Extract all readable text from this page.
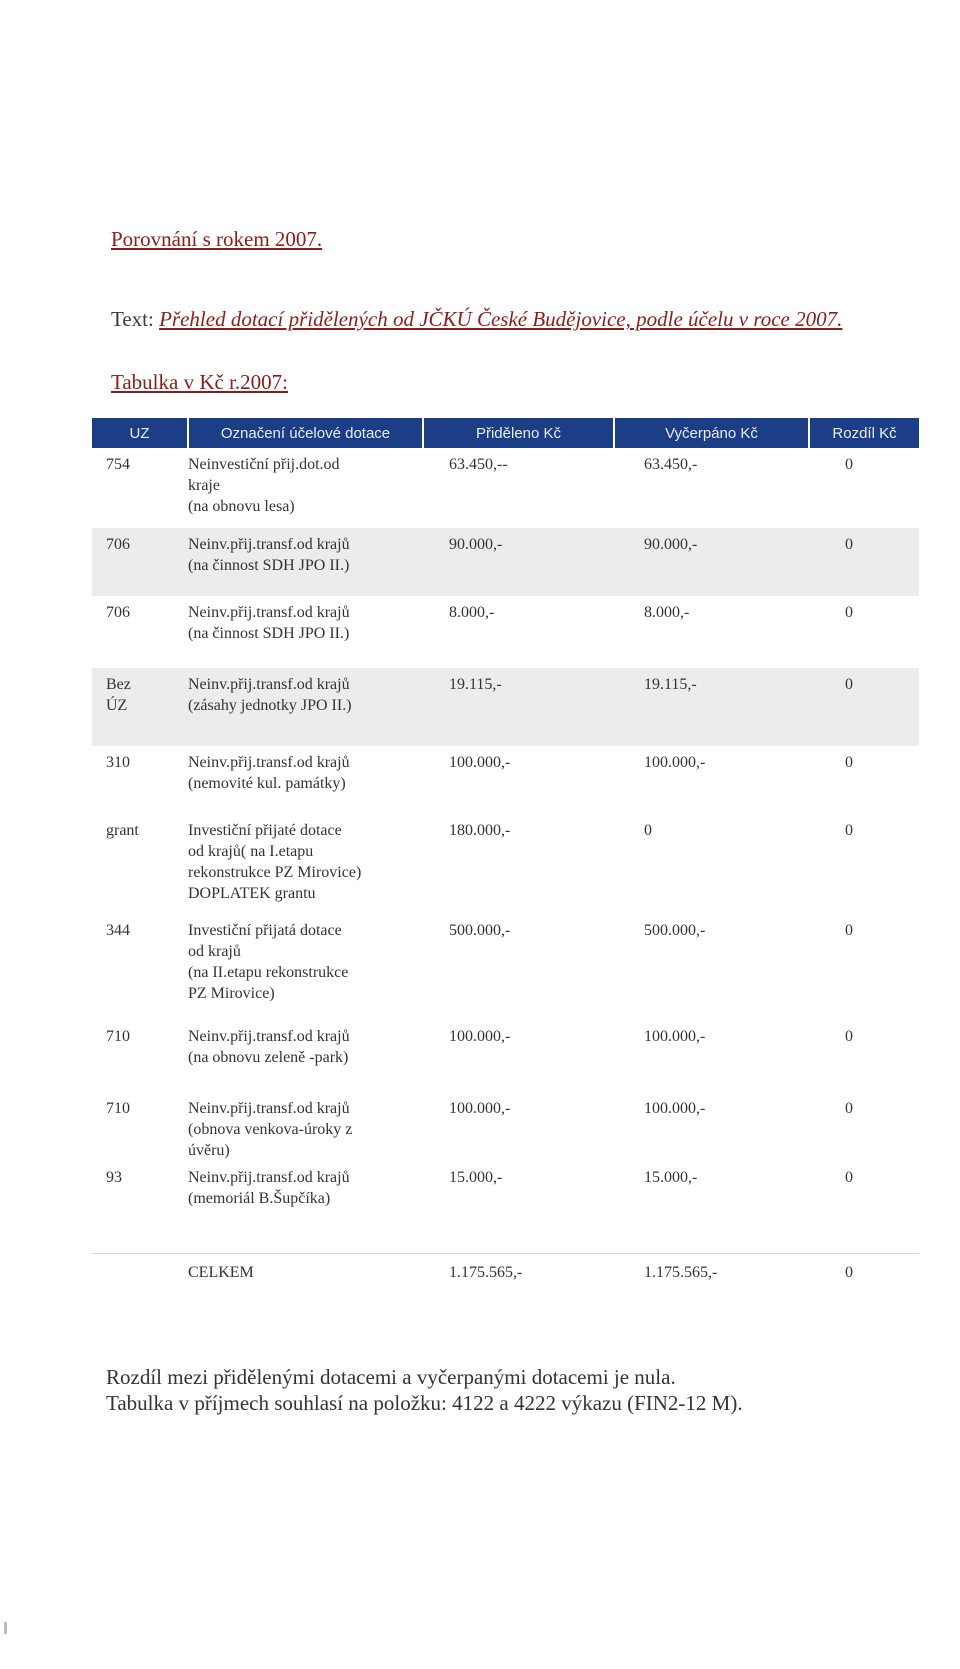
Porovnání s rokem 2007.
Text: Přehled dotací přidělených od JČKÚ České Budějovice, podle účelu v roce 2007.
Tabulka v Kč r.2007:
UZ	Označení účelové dotace	Přiděleno Kč	Vyčerpáno Kč	Rozdíl Kč

754	Neinvestiční přij.dot.od
kraje
(na obnovu lesa)	63.450,--	63.450,-	0

706	Neinv.přij.transf.od krajů
(na činnost SDH JPO II.)	90.000,-	90.000,-	0

706	Neinv.přij.transf.od krajů
(na činnost SDH JPO II.)	8.000,-	8.000,-	0

Bez
ÚZ	Neinv.přij.transf.od krajů
(zásahy jednotky JPO II.)	19.115,-	19.115,-	0

310	Neinv.přij.transf.od krajů
(nemovité kul. památky)	100.000,-	100.000,-	0

grant	Investiční přijaté dotace
od krajů( na I.etapu
rekonstrukce PZ Mirovice)
DOPLATEK grantu	180.000,-	0	0

344	Investiční přijatá dotace
od krajů
(na II.etapu rekonstrukce
PZ Mirovice)	500.000,-	500.000,-	0

710	Neinv.přij.transf.od krajů
(na obnovu zeleně -park)	100.000,-	100.000,-	0

710	Neinv.přij.transf.od krajů
(obnova venkova-úroky z
úvěru)	100.000,-	100.000,-	0

93	Neinv.přij.transf.od krajů
(memoriál B.Šupčíka)	15.000,-	15.000,-	0
	CELKEM	1.175.565,-	1.175.565,-	0
Rozdíl mezi přidělenými dotacemi a vyčerpanými dotacemi je nula.
Tabulka v příjmech souhlasí na položku: 4122 a 4222 výkazu (FIN2-12 M).
